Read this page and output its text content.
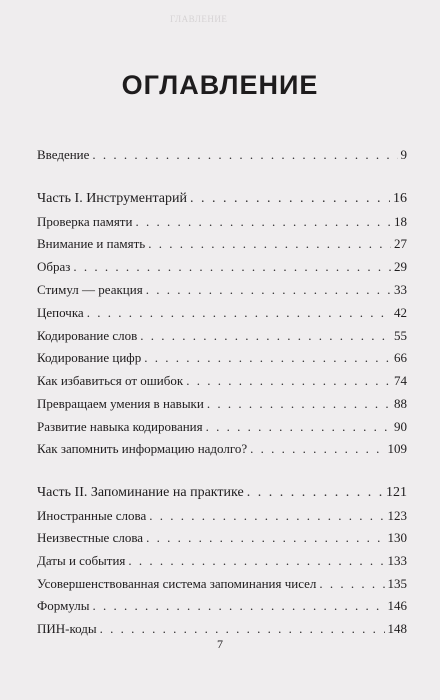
ГЛАВЛЕНИЕ
ОГЛАВЛЕНИЕ
Введение . . .	9
Часть I. Инструментарий . . .	16
Проверка памяти . . .	18
Внимание и память . . .	27
Образ . . .	29
Стимул — реакция . . .	33
Цепочка . . .	42
Кодирование слов . . .	55
Кодирование цифр . . .	66
Как избавиться от ошибок . . .	74
Превращаем умения в навыки . . .	88
Развитие навыка кодирования . . .	90
Как запомнить информацию надолго? . . .	109
Часть II. Запоминание на практике . . .	121
Иностранные слова . . .	123
Неизвестные слова . . .	130
Даты и события . . .	133
Усовершенствованная система запоминания чисел . . .	135
Формулы . . .	146
ПИН-коды . . .	148
7
